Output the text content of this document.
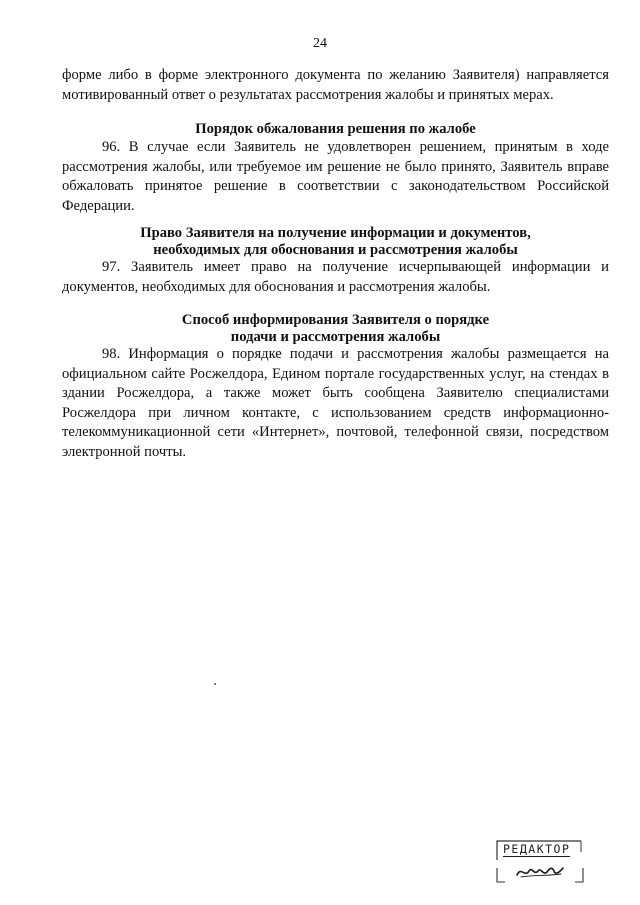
24

форме либо в форме электронного документа по желанию Заявителя) направляется мотивированный ответ о результатах рассмотрения жалобы и принятых мерах.

Порядок обжалования решения по жалобе

96. В случае если Заявитель не удовлетворен решением, принятым в ходе рассмотрения жалобы, или требуемое им решение не было принято, Заявитель вправе обжаловать принятое решение в соответствии с законодательством Российской Федерации.

Право Заявителя на получение информации и документов,
необходимых для обоснования и рассмотрения жалобы

97. Заявитель имеет право на получение исчерпывающей информации и документов, необходимых для обоснования и рассмотрения жалобы.

Способ информирования Заявителя о порядке
подачи и рассмотрения жалобы

98. Информация о порядке подачи и рассмотрения жалобы размещается на официальном сайте Росжелдора, Едином портале государственных услуг, на стендах в здании Росжелдора, а также может быть сообщена Заявителю специалистами Росжелдора при личном контакте, с использованием средств информационно-телекоммуникационной сети «Интернет», почтовой, телефонной связи, посредством электронной почты.

РЕДАКТОР
